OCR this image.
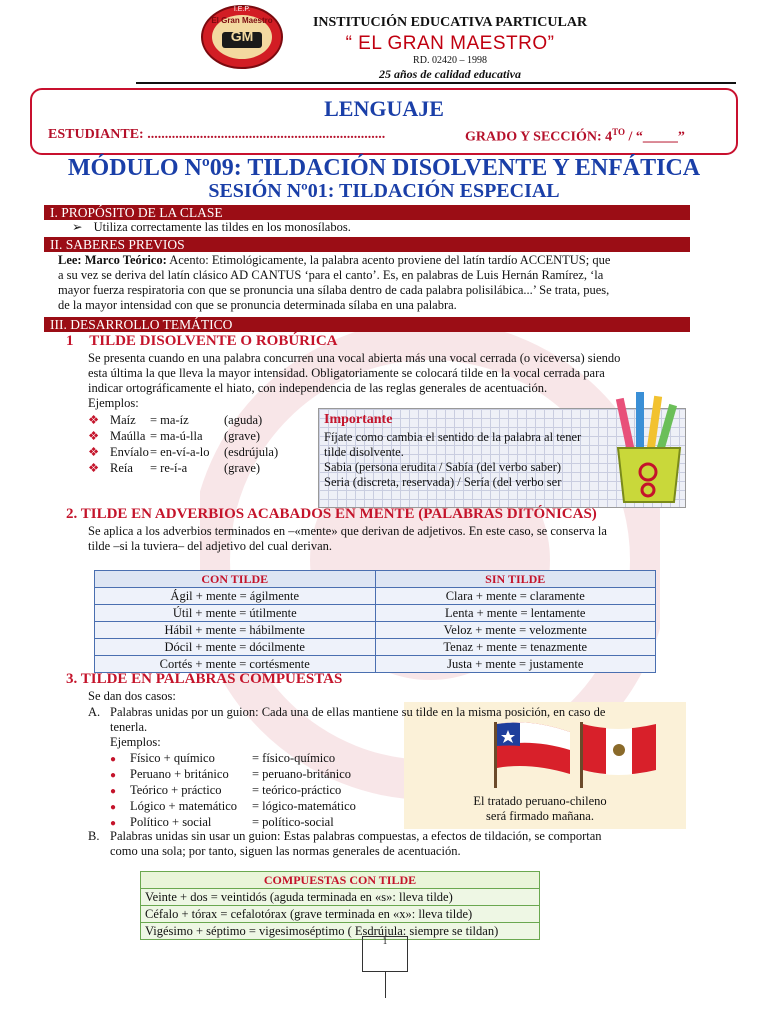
I.E.P.
El Gran Maestro
GM
INSTITUCIÓN EDUCATIVA PARTICULAR
“ EL GRAN MAESTRO”
RD. 02420 – 1998
25 años de calidad educativa
LENGUAJE
ESTUDIANTE: ....................................................................	GRADO Y SECCIÓN: $4^{TO}$ / “_____”
MÓDULO Nº09: TILDACIÓN DISOLVENTE Y ENFÁTICA
SESIÓN Nº01: TILDACIÓN ESPECIAL
I. PROPÓSITO DE LA CLASE
➢ Utiliza correctamente las tildes en los monosílabos.
II. SABERES PREVIOS
Lee: Marco Teórico: Acento: Etimológicamente, la palabra acento proviene del latín tardío ACCENTUS; que
a su vez se deriva del latín clásico AD CANTUS ‘para el canto’. Es, en palabras de Luis Hernán Ramírez, ‘la
mayor fuerza respiratoria con que se pronuncia una sílaba dentro de cada palabra polisilábica...’ Se trata, pues,
de la mayor intensidad con que se pronuncia determinada sílaba en una palabra.
III. DESARROLLO TEMÁTICO
1 TILDE DISOLVENTE O ROBÚRICA
Se presenta cuando en una palabra concurren una vocal abierta más una vocal cerrada (o viceversa) siendo
esta última la que lleva la mayor intensidad. Obligatoriamente se colocará tilde en la vocal cerrada para
indicar ortográficamente el hiato, con independencia de las reglas generales de acentuación.
Ejemplos:
❖ Maíz = ma-íz	(aguda)
❖ Maúlla = ma-ú-lla (grave)
❖ Envíalo = en-ví-a-lo (esdrújula)
❖ Reía = re-í-a	(grave)
Importante
Fíjate como cambia el sentido de la palabra al tener
tilde disolvente.
Sabia (persona erudita / Sabía (del verbo saber)
Seria (discreta, reservada) / Sería (del verbo ser
2. TILDE EN ADVERBIOS ACABADOS EN MENTE (PALABRAS DITÓNICAS)
Se aplica a los adverbios terminados en –«mente» que derivan de adjetivos. En este caso, se conserva la
tilde –si la tuviera– del adjetivo del cual derivan.
CON TILDE	SIN TILDE
Ágil + mente = ágilmente	Clara + mente = claramente
Útil + mente = útilmente	Lenta + mente = lentamente
Hábil + mente = hábilmente	Veloz + mente = velozmente
Dócil + mente = dócilmente	Tenaz + mente = tenazmente
Cortés + mente = cortésmente	Justa + mente = justamente
3. TILDE EN PALABRAS COMPUESTAS
Se dan dos casos:
El tratado peruano-chileno
será firmado mañana.
A. Palabras unidas por un guion: Cada una de ellas mantiene su tilde en la misma posición, en caso de
tenerla.
Ejemplos:
● Físico + químico	= físico-químico
● Peruano + británico = peruano-británico
● Teórico + práctico = teórico-práctico
● Lógico + matemático = lógico-matemático
● Político + social	= político-social
B. Palabras unidas sin usar un guion: Estas palabras compuestas, a efectos de tildación, se comportan
como una sola; por tanto, siguen las normas generales de acentuación.
COMPUESTAS CON TILDE
Veinte + dos = veintidós (aguda terminada en «s»: lleva tilde)
Céfalo + tórax = cefalotórax (grave terminada en «x»: lleva tilde)
Vigésimo + séptimo = vigesimoséptimo ( Esdrújula: siempre se tildan)
1
